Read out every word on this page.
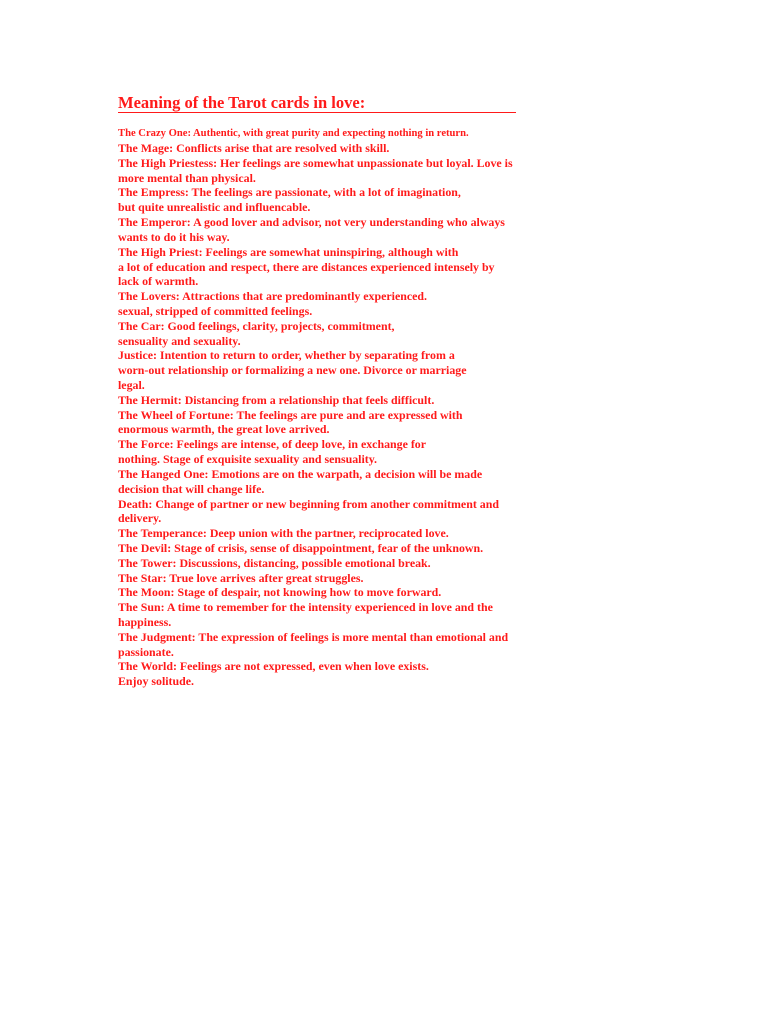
Meaning of the Tarot cards in love:

The Crazy One: Authentic, with great purity and expecting nothing in return.

The Mage: Conflicts arise that are resolved with skill.
The High Priestess: Her feelings are somewhat unpassionate but loyal. Love is
more mental than physical.
The Empress: The feelings are passionate, with a lot of imagination,
but quite unrealistic and influencable.
The Emperor: A good lover and advisor, not very understanding who always
wants to do it his way.
The High Priest: Feelings are somewhat uninspiring, although with
a lot of education and respect, there are distances experienced intensely by
lack of warmth.
The Lovers: Attractions that are predominantly experienced.
sexual, stripped of committed feelings.
The Car: Good feelings, clarity, projects, commitment,
sensuality and sexuality.
Justice: Intention to return to order, whether by separating from a
worn-out relationship or formalizing a new one. Divorce or marriage
legal.
The Hermit: Distancing from a relationship that feels difficult.
The Wheel of Fortune: The feelings are pure and are expressed with
enormous warmth, the great love arrived.
The Force: Feelings are intense, of deep love, in exchange for
nothing. Stage of exquisite sexuality and sensuality.
The Hanged One: Emotions are on the warpath, a decision will be made
decision that will change life.
Death: Change of partner or new beginning from another commitment and
delivery.
The Temperance: Deep union with the partner, reciprocated love.
The Devil: Stage of crisis, sense of disappointment, fear of the unknown.
The Tower: Discussions, distancing, possible emotional break.
The Star: True love arrives after great struggles.
The Moon: Stage of despair, not knowing how to move forward.
The Sun: A time to remember for the intensity experienced in love and the
happiness.
The Judgment: The expression of feelings is more mental than emotional and
passionate.
The World: Feelings are not expressed, even when love exists.
Enjoy solitude.
